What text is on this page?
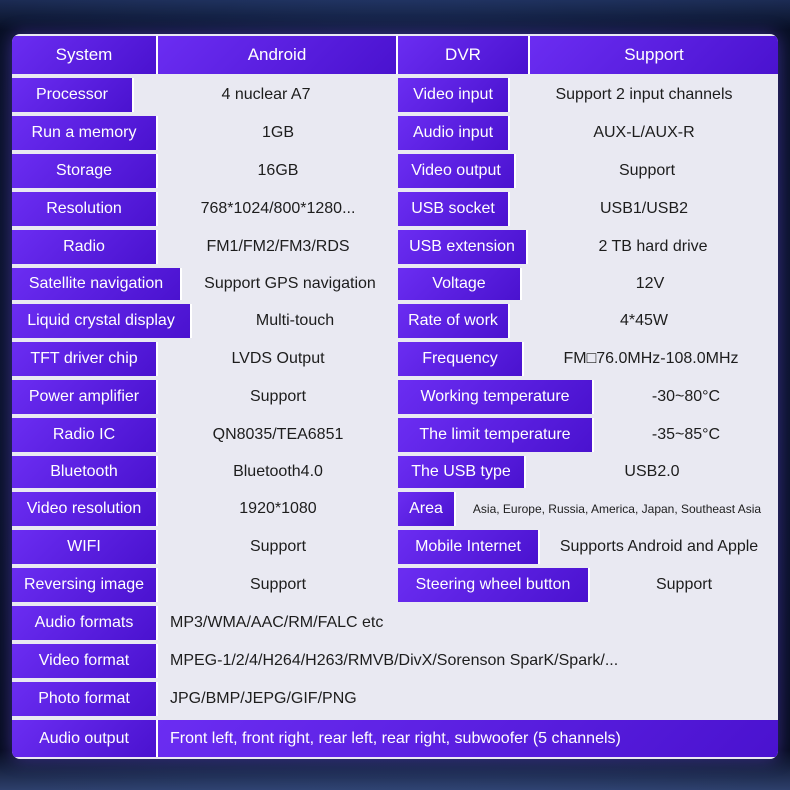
System	Android	DVR	Support
Processor	4 nuclear A7	Video input	Support 2 input channels
Run a memory	1GB	Audio input	AUX-L/AUX-R
Storage	16GB	Video output	Support
Resolution	768*1024/800*1280...	USB socket	USB1/USB2
Radio	FM1/FM2/FM3/RDS	USB extension	2 TB hard drive
Satellite navigation	Support GPS navigation	Voltage	12V
Liquid crystal display	Multi-touch	Rate of work	4*45W
TFT driver chip	LVDS Output	Frequency	FM□76.0MHz-108.0MHz
Power amplifier	Support	Working temperature	-30~80°C
Radio IC	QN8035/TEA6851	The limit temperature	-35~85°C
Bluetooth	Bluetooth4.0	The USB type	USB2.0
Video resolution	1920*1080	Area	Asia, Europe, Russia, America, Japan, Southeast Asia
WIFI	Support	Mobile Internet	Supports Android and Apple
Reversing image	Support	Steering wheel button	Support
Audio formats	MP3/WMA/AAC/RM/FALC etc
Video format	MPEG-1/2/4/H264/H263/RMVB/DivX/Sorenson SparK/Spark/...
Photo format	JPG/BMP/JEPG/GIF/PNG
Audio output	Front left, front right, rear left, rear right, subwoofer (5 channels)
